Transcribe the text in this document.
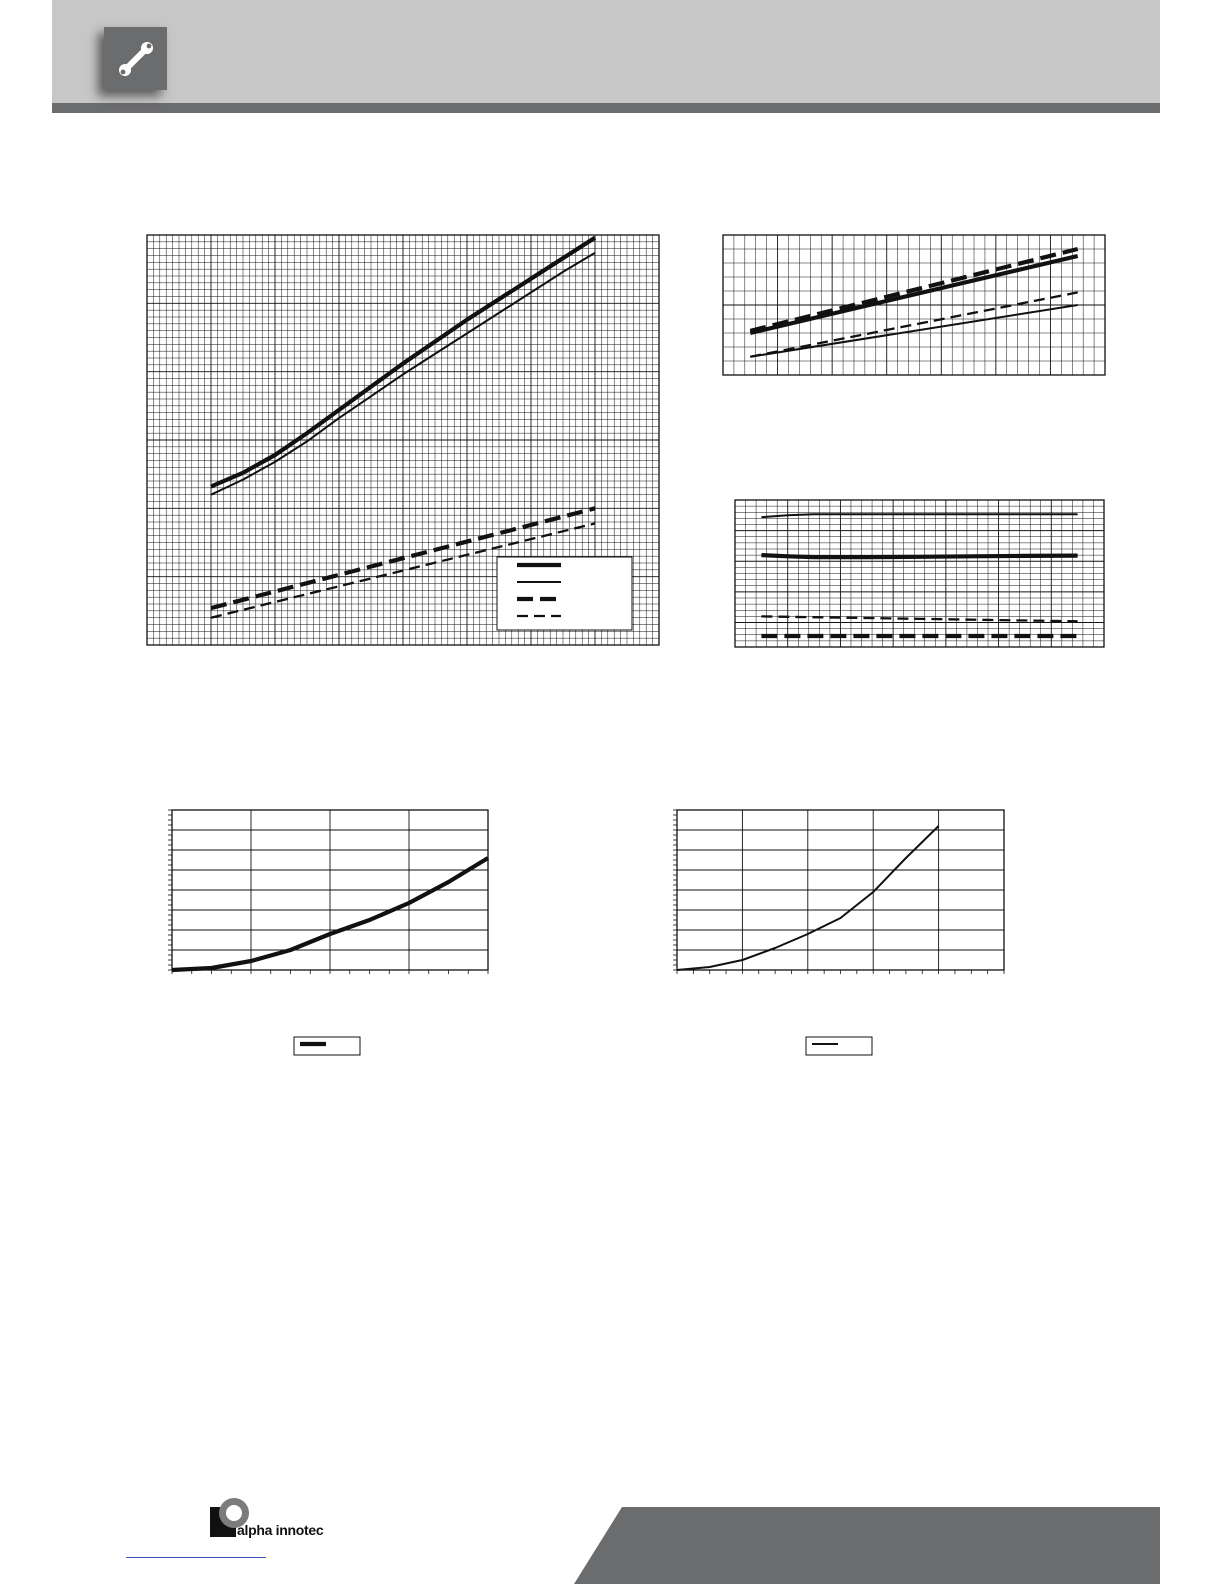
alpha innotec
